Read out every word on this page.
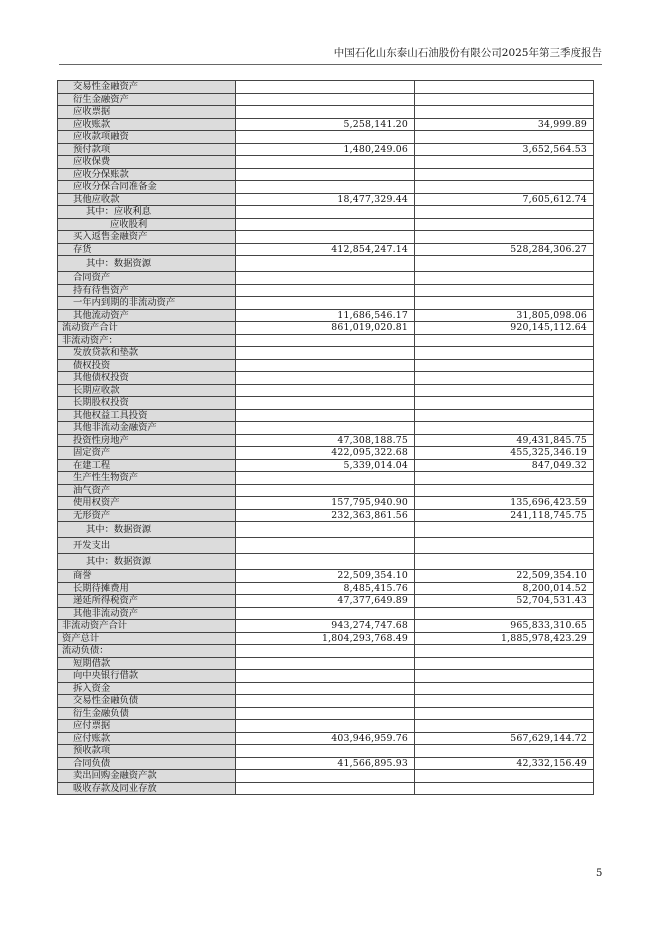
中国石化山东泰山石油股份有限公司2025年第三季度报告
交易性金融资产		
衍生金融资产		
应收票据		
应收账款	5,258,141.20	34,999.89
应收款项融资		
预付款项	1,480,249.06	3,652,564.53
应收保费		
应收分保账款		
应收分保合同准备金		
其他应收款	18,477,329.44	7,605,612.74
其中：应收利息		
应收股利		
买入返售金融资产		
存货	412,854,247.14	528,284,306.27
其中：数据资源		
合同资产		
持有待售资产		
一年内到期的非流动资产		
其他流动资产	11,686,546.17	31,805,098.06
流动资产合计	861,019,020.81	920,145,112.64
非流动资产：		
发放贷款和垫款		
债权投资		
其他债权投资		
长期应收款		
长期股权投资		
其他权益工具投资		
其他非流动金融资产		
投资性房地产	47,308,188.75	49,431,845.75
固定资产	422,095,322.68	455,325,346.19
在建工程	5,339,014.04	847,049.32
生产性生物资产		
油气资产		
使用权资产	157,795,940.90	135,696,423.59
无形资产	232,363,861.56	241,118,745.75
其中：数据资源		
开发支出		
其中：数据资源		
商誉	22,509,354.10	22,509,354.10
长期待摊费用	8,485,415.76	8,200,014.52
递延所得税资产	47,377,649.89	52,704,531.43
其他非流动资产		
非流动资产合计	943,274,747.68	965,833,310.65
资产总计	1,804,293,768.49	1,885,978,423.29
流动负债：		
短期借款		
向中央银行借款		
拆入资金		
交易性金融负债		
衍生金融负债		
应付票据		
应付账款	403,946,959.76	567,629,144.72
预收款项		
合同负债	41,566,895.93	42,332,156.49
卖出回购金融资产款		
吸收存款及同业存放		
5
